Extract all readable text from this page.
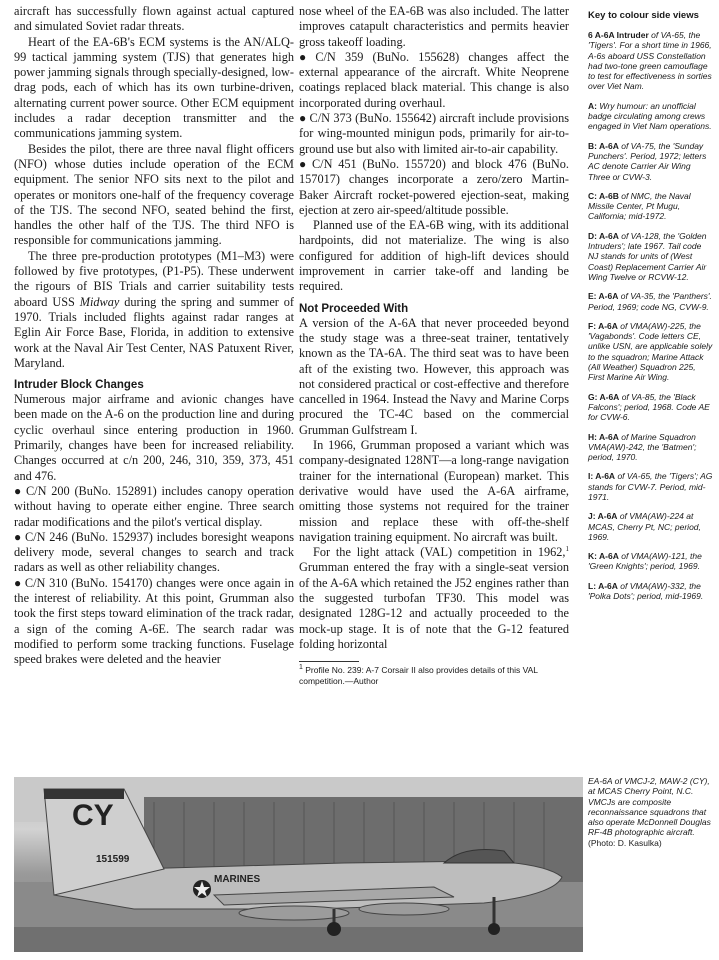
aircraft has successfully flown against actual captured and simulated Soviet radar threats.

Heart of the EA-6B's ECM systems is the AN/ALQ-99 tactical jamming system (TJS) that generates high power jamming signals through specially-designed, low-drag pods, each of which has its own turbine-driven, alternating current power source. Other ECM equipment includes a radar deception transmitter and the communications jamming system.

Besides the pilot, there are three naval flight officers (NFO) whose duties include operation of the ECM equipment. The senior NFO sits next to the pilot and operates or monitors one-half of the frequency coverage of the TJS. The second NFO, seated behind the first, handles the other half of the TJS. The third NFO is responsible for communications jamming.

The three pre-production prototypes (M1–M3) were followed by five prototypes, (P1-P5). These underwent the rigours of BIS Trials and carrier suitability tests aboard USS Midway during the spring and summer of 1970. Trials included flights against radar ranges at Eglin Air Force Base, Florida, in addition to extensive work at the Naval Air Test Center, NAS Patuxent River, Maryland.

Intruder Block Changes

Numerous major airframe and avionic changes have been made on the A-6 on the production line and during cyclic overhaul since entering production in 1960. Primarily, changes have been for increased reliability. Changes occurred at c/n 200, 246, 310, 359, 373, 451 and 476.

● C/N 200 (BuNo. 152891) includes canopy operation without having to operate either engine. Three search radar modifications and the pilot's vertical display.

● C/N 246 (BuNo. 152937) includes boresight weapons delivery mode, several changes to search and track radars as well as other reliability changes.

● C/N 310 (BuNo. 154170) changes were once again in the interest of reliability. At this point, Grumman also took the first steps toward elimination of the track radar, a sign of the coming A-6E. The search radar was modified to perform some tracking functions. Fuselage speed brakes were deleted and the heavier

nose wheel of the EA-6B was also included. The latter improves catapult characteristics and permits heavier gross takeoff loading.

● C/N 359 (BuNo. 155628) changes affect the external appearance of the aircraft. White Neoprene coatings replaced black material. This change is also incorporated during overhaul.

● C/N 373 (BuNo. 155642) aircraft include provisions for wing-mounted minigun pods, primarily for air-to-ground use but also with limited air-to-air capability.

● C/N 451 (BuNo. 155720) and block 476 (BuNo. 157017) changes incorporate a zero/zero Martin-Baker Aircraft rocket-powered ejection-seat, making ejection at zero air-speed/altitude possible.

Planned use of the EA-6B wing, with its additional hardpoints, did not materialize. The wing is also configured for addition of high-lift devices should improvement in carrier take-off and landing be required.

Not Proceeded With

A version of the A-6A that never proceeded beyond the study stage was a three-seat trainer, tentatively known as the TA-6A. The third seat was to have been aft of the existing two. However, this approach was not considered practical or cost-effective and therefore cancelled in 1964. Instead the Navy and Marine Corps procured the TC-4C based on the commercial Grumman Gulfstream I.

In 1966, Grumman proposed a variant which was company-designated 128NT—a long-range navigation trainer for the international (European) market. This derivative would have used the A-6A airframe, omitting those systems not required for the trainer mission and replace these with off-the-shelf navigation training equipment. No aircraft was built.

For the light attack (VAL) competition in 1962,$^1$ Grumman entered the fray with a single-seat version of the A-6A which retained the J52 engines rather than the suggested turbofan TF30. This model was designated 128G-12 and actually proceeded to the mock-up stage. It is of note that the G-12 featured folding horizontal

$^1$ Profile No. 239: A-7 Corsair II also provides details of this VAL competition.—Author
Key to colour side views
6 A-6A Intruder of VA-65, the 'Tigers'. For a short time in 1966, A-6s aboard USS Constellation had two-tone green camouflage to test for effectiveness in sorties over Viet Nam.
A: Wry humour: an unofficial badge circulating among crews engaged in Viet Nam operations.
B: A-6A of VA-75, the 'Sunday Punchers'. Period, 1972; letters AC denote Carrier Air Wing Three or CVW-3.
C: A-6B of NMC, the Naval Missile Center, Pt Mugu, California; mid-1972.
D: A-6A of VA-128, the 'Golden Intruders'; late 1967. Tail code NJ stands for units of (West Coast) Replacement Carrier Air Wing Twelve or RCVW-12.
E: A-6A of VA-35, the 'Panthers'. Period, 1969; code NG, CVW-9.
F: A-6A of VMA(AW)-225, the 'Vagabonds'. Code letters CE, unlike USN, are applicable solely to the squadron; Marine Attack (All Weather) Squadron 225, First Marine Air Wing.
G: A-6A of VA-85, the 'Black Falcons'; period, 1968. Code AE for CVW-6.
H: A-6A of Marine Squadron VMA(AW)-242, the 'Batmen'; period, 1970.
I: A-6A of VA-65, the 'Tigers'; AG stands for CVW-7. Period, mid-1971.
J: A-6A of VMA(AW)-224 at MCAS, Cherry Pt, NC; period, 1969.
K: A-6A of VMA(AW)-121, the 'Green Knights'; period, 1969.
L: A-6A of VMA(AW)-332, the 'Polka Dots'; period, mid-1969.
CY
151599
MARINES
EA-6A of VMCJ-2, MAW-2 (CY), at MCAS Cherry Point, N.C. VMCJs are composite reconnaissance squadrons that also operate McDonnell Douglas RF-4B photographic aircraft.
(Photo: D. Kasulka)
